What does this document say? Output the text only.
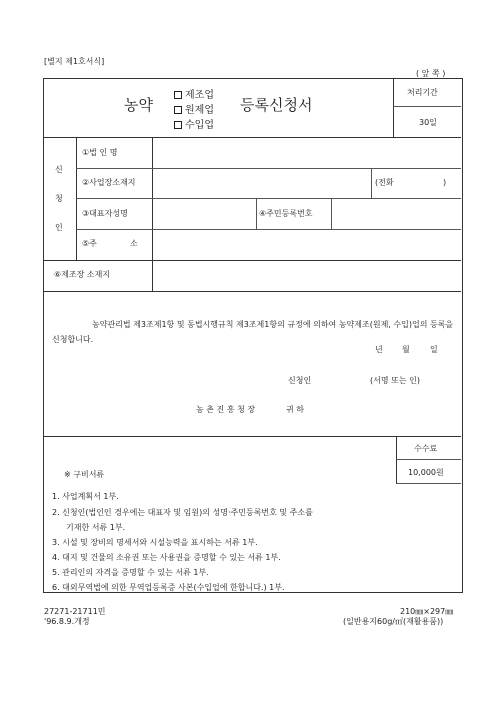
[별지 제1호서식]
( 앞 쪽 )
농약
제조업
원제업
수입업
등록신청서
처리기간
30일
신
청
인
①법 인 명
②사업장소재지	(전화	)
③대표자성명	④주민등록번호
⑤주	소
⑥제조장 소재지
농약관리법 제3조제1항 및 동법시행규칙 제3조제1항의 규정에 의하여 농약제조(원제, 수입)업의 등록을 신청합니다.
년 월	일
신청인	(서명 또는 인)
농 촌 진 흥 청 장	귀 하
수수료
10,000원
※ 구비서류
1. 사업계획서 1부.
2. 신청인(법인인 경우에는 대표자 및 임원)의 성명·주민등록번호 및 주소를
기재한 서류 1부.
3. 시설 및 장비의 명세서와 시설능력을 표시하는 서류 1부.
4. 대지 및 건물의 소유권 또는 사용권을 증명할 수 있는 서류 1부.
5. 관리인의 자격을 증명할 수 있는 서류 1부.
6. 대외무역법에 의한 무역업등록증 사본(수입업에 한합니다.) 1부.
27271-21711민
'96.8.9.개정
210㎜×297㎜
(일반용지60g/㎡(재활용품))
